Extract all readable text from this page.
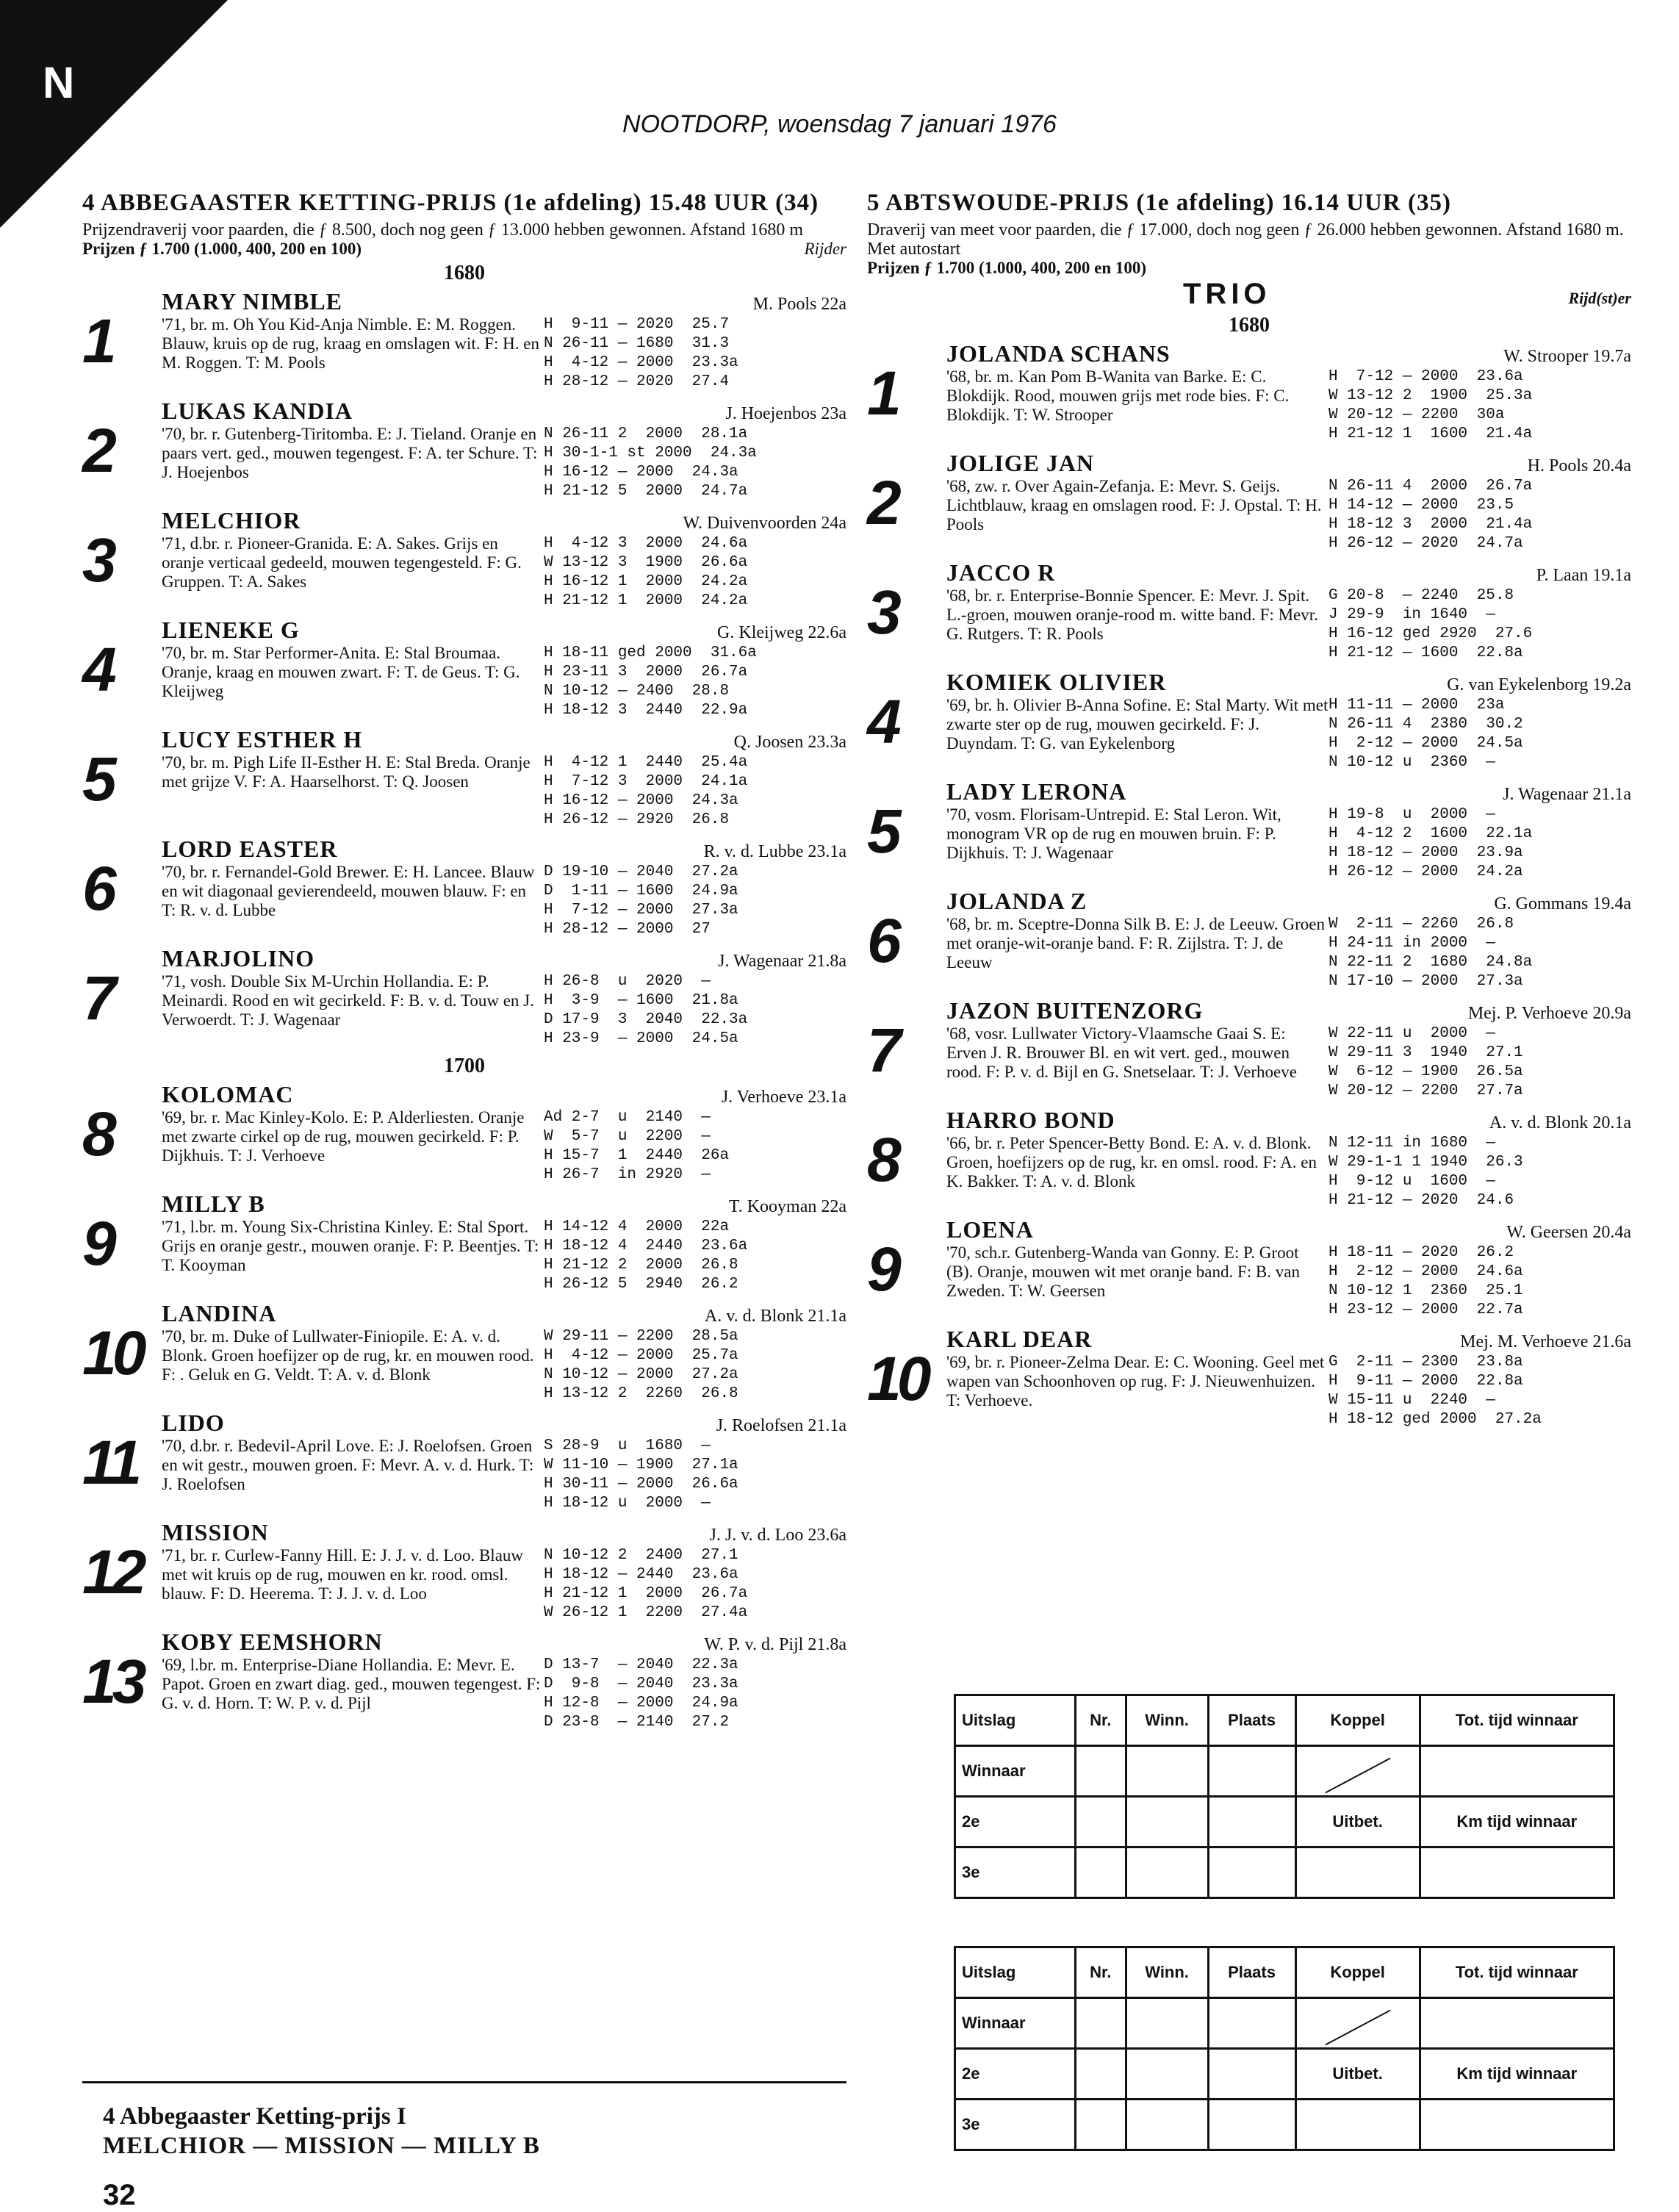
N
NOOTDORP, woensdag 7 januari 1976
4 ABBEGAASTER KETTING-PRIJS (1e afdeling) 15.48 UUR (34)
Prijzendraverij voor paarden, die ƒ 8.500, doch nog geen ƒ 13.000 hebben gewonnen. Afstand 1680 m
Prijzen ƒ 1.700 (1.000, 400, 200 en 100)	Rijder
1680
1
MARY NIMBLE	M. Pools 22a
'71, br. m. Oh You Kid-Anja Nimble. E: M. Roggen. Blauw, kruis op de rug, kraag en omslagen wit. F: H. en M. Roggen. T: M. Pools
H  9-11 — 2020  25.7
N 26-11 — 1680  31.3
H  4-12 — 2000  23.3a
H 28-12 — 2020  27.4
2
LUKAS KANDIA	J. Hoejenbos 23a
'70, br. r. Gutenberg-Tiritomba. E: J. Tieland. Oranje en paars vert. ged., mouwen tegengest. F: A. ter Schure. T: J. Hoejenbos
N 26-11 2  2000  28.1a
H 30-1-1 st 2000  24.3a
H 16-12 — 2000  24.3a
H 21-12 5  2000  24.7a
3
MELCHIOR	W. Duivenvoorden 24a
'71, d.br. r. Pioneer-Granida. E: A. Sakes. Grijs en oranje verticaal gedeeld, mouwen tegengesteld. F: G. Gruppen. T: A. Sakes
H  4-12 3  2000  24.6a
W 13-12 3  1900  26.6a
H 16-12 1  2000  24.2a
H 21-12 1  2000  24.2a
4
LIENEKE G	G. Kleijweg 22.6a
'70, br. m. Star Performer-Anita. E: Stal Broumaa. Oranje, kraag en mouwen zwart. F: T. de Geus. T: G. Kleijweg
H 18-11 ged 2000  31.6a
H 23-11 3  2000  26.7a
N 10-12 — 2400  28.8
H 18-12 3  2440  22.9a
5
LUCY ESTHER H	Q. Joosen 23.3a
'70, br. m. Pigh Life II-Esther H. E: Stal Breda. Oranje met grijze V. F: A. Haarselhorst. T: Q. Joosen
H  4-12 1  2440  25.4a
H  7-12 3  2000  24.1a
H 16-12 — 2000  24.3a
H 26-12 — 2920  26.8
6
LORD EASTER	R. v. d. Lubbe 23.1a
'70, br. r. Fernandel-Gold Brewer. E: H. Lancee. Blauw en wit diagonaal gevierendeeld, mouwen blauw. F: en T: R. v. d. Lubbe
D 19-10 — 2040  27.2a
D  1-11 — 1600  24.9a
H  7-12 — 2000  27.3a
H 28-12 — 2000  27
7
MARJOLINO	J. Wagenaar 21.8a
'71, vosh. Double Six M-Urchin Hollandia. E: P. Meinardi. Rood en wit gecirkeld. F: B. v. d. Touw en J. Verwoerdt. T: J. Wagenaar
H 26-8  u  2020  —
H  3-9  — 1600  21.8a
D 17-9  3  2040  22.3a
H 23-9  — 2000  24.5a
1700
8
KOLOMAC	J. Verhoeve 23.1a
'69, br. r. Mac Kinley-Kolo. E: P. Alderliesten. Oranje met zwarte cirkel op de rug, mouwen gecirkeld. F: P. Dijkhuis. T: J. Verhoeve
Ad 2-7  u  2140  —
W  5-7  u  2200  —
H 15-7  1  2440  26a
H 26-7  in 2920  —
9
MILLY B	T. Kooyman 22a
'71, l.br. m. Young Six-Christina Kinley. E: Stal Sport. Grijs en oranje gestr., mouwen oranje. F: P. Beentjes. T: T. Kooyman
H 14-12 4  2000  22a
H 18-12 4  2440  23.6a
H 21-12 2  2000  26.8
H 26-12 5  2940  26.2
10
LANDINA	A. v. d. Blonk 21.1a
'70, br. m. Duke of Lullwater-Finiopile. E: A. v. d. Blonk. Groen hoefijzer op de rug, kr. en mouwen rood. F: . Geluk en G. Veldt. T: A. v. d. Blonk
W 29-11 — 2200  28.5a
H  4-12 — 2000  25.7a
N 10-12 — 2000  27.2a
H 13-12 2  2260  26.8
11
LIDO	J. Roelofsen 21.1a
'70, d.br. r. Bedevil-April Love. E: J. Roelofsen. Groen en wit gestr., mouwen groen. F: Mevr. A. v. d. Hurk. T: J. Roelofsen
S 28-9  u  1680  —
W 11-10 — 1900  27.1a
H 30-11 — 2000  26.6a
H 18-12 u  2000  —
12
MISSION	J. J. v. d. Loo 23.6a
'71, br. r. Curlew-Fanny Hill. E: J. J. v. d. Loo. Blauw met wit kruis op de rug, mouwen en kr. rood. omsl. blauw. F: D. Heerema. T: J. J. v. d. Loo
N 10-12 2  2400  27.1
H 18-12 — 2440  23.6a
H 21-12 1  2000  26.7a
W 26-12 1  2200  27.4a
13
KOBY EEMSHORN	W. P. v. d. Pijl 21.8a
'69, l.br. m. Enterprise-Diane Hollandia. E: Mevr. E. Papot. Groen en zwart diag. ged., mouwen tegengest. F: G. v. d. Horn. T: W. P. v. d. Pijl
D 13-7  — 2040  22.3a
D  9-8  — 2040  23.3a
H 12-8  — 2000  24.9a
D 23-8  — 2140  27.2
5 ABTSWOUDE-PRIJS (1e afdeling) 16.14 UUR (35)
Draverij van meet voor paarden, die ƒ 17.000, doch nog geen ƒ 26.000 hebben gewonnen. Afstand 1680 m. Met autostart
Prijzen ƒ 1.700 (1.000, 400, 200 en 100)
TRIO	Rijd(st)er
1680
1
JOLANDA SCHANS	W. Strooper 19.7a
'68, br. m. Kan Pom B-Wanita van Barke. E: C. Blokdijk. Rood, mouwen grijs met rode bies. F: C. Blokdijk. T: W. Strooper
H  7-12 — 2000  23.6a
W 13-12 2  1900  25.3a
W 20-12 — 2200  30a
H 21-12 1  1600  21.4a
2
JOLIGE JAN	H. Pools 20.4a
'68, zw. r. Over Again-Zefanja. E: Mevr. S. Geijs. Lichtblauw, kraag en omslagen rood. F: J. Opstal. T: H. Pools
N 26-11 4  2000  26.7a
H 14-12 — 2000  23.5
H 18-12 3  2000  21.4a
H 26-12 — 2020  24.7a
3
JACCO R	P. Laan 19.1a
'68, br. r. Enterprise-Bonnie Spencer. E: Mevr. J. Spit. L.-groen, mouwen oranje-rood m. witte band. F: Mevr. G. Rutgers. T: R. Pools
G 20-8  — 2240  25.8
J 29-9  in 1640  —
H 16-12 ged 2920  27.6
H 21-12 — 1600  22.8a
4
KOMIEK OLIVIER	G. van Eykelenborg 19.2a
'69, br. h. Olivier B-Anna Sofine. E: Stal Marty. Wit met zwarte ster op de rug, mouwen gecirkeld. F: J. Duyndam. T: G. van Eykelenborg
H 11-11 — 2000  23a
N 26-11 4  2380  30.2
H  2-12 — 2000  24.5a
N 10-12 u  2360  —
5
LADY LERONA	J. Wagenaar 21.1a
'70, vosm. Florisam-Untrepid. E: Stal Leron. Wit, monogram VR op de rug en mouwen bruin. F: P. Dijkhuis. T: J. Wagenaar
H 19-8  u  2000  —
H  4-12 2  1600  22.1a
H 18-12 — 2000  23.9a
H 26-12 — 2000  24.2a
6
JOLANDA Z	G. Gommans 19.4a
'68, br. m. Sceptre-Donna Silk B. E: J. de Leeuw. Groen met oranje-wit-oranje band. F: R. Zijlstra. T: J. de Leeuw
W  2-11 — 2260  26.8
H 24-11 in 2000  —
N 22-11 2  1680  24.8a
N 17-10 — 2000  27.3a
7
JAZON BUITENZORG	Mej. P. Verhoeve 20.9a
'68, vosr. Lullwater Victory-Vlaamsche Gaai S. E: Erven J. R. Brouwer Bl. en wit vert. ged., mouwen rood. F: P. v. d. Bijl en G. Snetselaar. T: J. Verhoeve
W 22-11 u  2000  —
W 29-11 3  1940  27.1
W  6-12 — 1900  26.5a
W 20-12 — 2200  27.7a
8
HARRO BOND	A. v. d. Blonk 20.1a
'66, br. r. Peter Spencer-Betty Bond. E: A. v. d. Blonk. Groen, hoefijzers op de rug, kr. en omsl. rood. F: A. en K. Bakker. T: A. v. d. Blonk
N 12-11 in 1680  —
W 29-1-1 1 1940  26.3
H  9-12 u  1600  —
H 21-12 — 2020  24.6
9
LOENA	W. Geersen 20.4a
'70, sch.r. Gutenberg-Wanda van Gonny. E: P. Groot (B). Oranje, mouwen wit met oranje band. F: B. van Zweden. T: W. Geersen
H 18-11 — 2020  26.2
H  2-12 — 2000  24.6a
N 10-12 1  2360  25.1
H 23-12 — 2000  22.7a
10
KARL DEAR	Mej. M. Verhoeve 21.6a
'69, br. r. Pioneer-Zelma Dear. E: C. Wooning. Geel met wapen van Schoonhoven op rug. F: J. Nieuwenhuizen. T: Verhoeve.
G  2-11 — 2300  23.8a
H  9-11 — 2000  22.8a
W 15-11 u  2240  —
H 18-12 ged 2000  27.2a
Uitslag	Nr.	Winn.	Plaats	Koppel	Tot. tijd winnaar
Winnaar					
2e				Uitbet.	Km tijd winnaar
3e					
Uitslag	Nr.	Winn.	Plaats	Koppel	Tot. tijd winnaar
Winnaar					
2e				Uitbet.	Km tijd winnaar
3e					
4 Abbegaaster Ketting-prijs I
MELCHIOR — MISSION — MILLY B
32
